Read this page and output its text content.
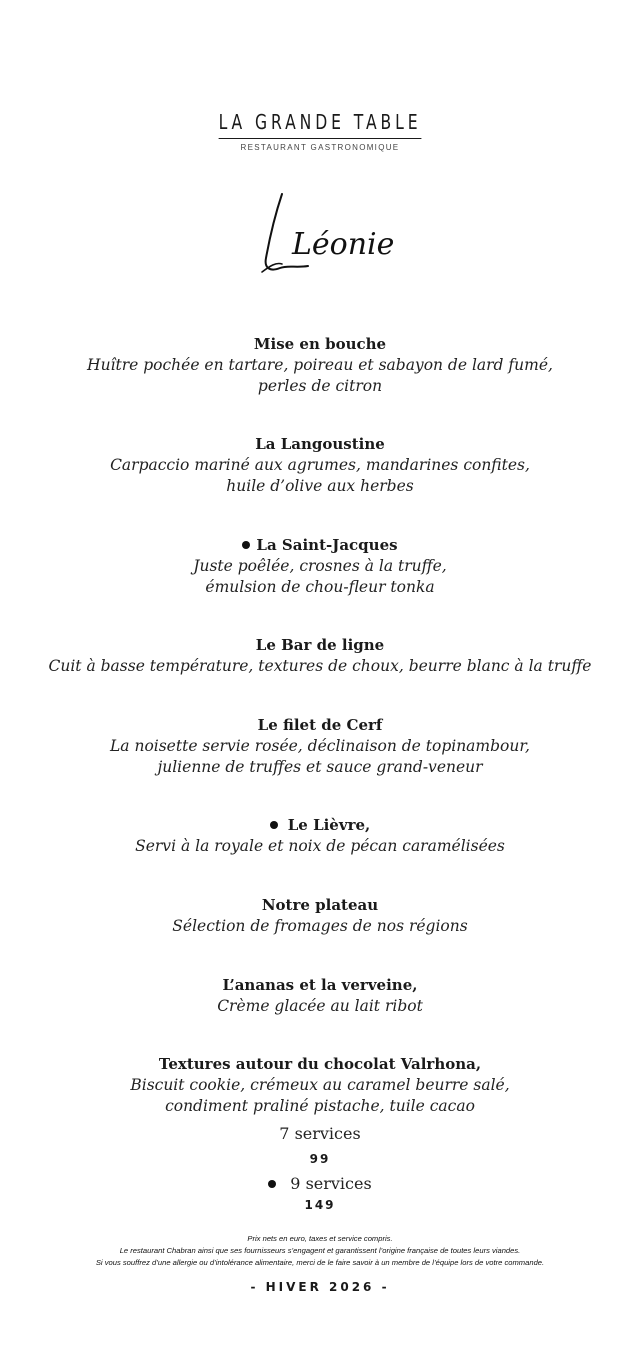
LA GRANDE TABLE
RESTAURANT GASTRONOMIQUE
Léonie
Mise en bouche
Huître pochée en tartare, poireau et sabayon de lard fumé,
perles de citron
La Langoustine
Carpaccio mariné aux agrumes, mandarines confites,
huile d’olive aux herbes
La Saint-Jacques
Juste poêlée, crosnes à la truffe,
émulsion de chou-fleur tonka
Le Bar de ligne
Cuit à basse température, textures de choux, beurre blanc à la truffe
Le filet de Cerf
La noisette servie rosée, déclinaison de topinambour,
julienne de truffes et sauce grand-veneur
Le Lièvre,
Servi à la royale et noix de pécan caramélisées
Notre plateau
Sélection de fromages de nos régions
L’ananas et la verveine,
Crème glacée au lait ribot
Textures autour du chocolat Valrhona,
Biscuit cookie, crémeux au caramel beurre salé,
condiment praliné pistache, tuile cacao
7 services
99
9 services
149
Prix nets en euro, taxes et service compris.
Le restaurant Chabran ainsi que ses fournisseurs s’engagent et garantissent l’origine française de toutes leurs viandes.
Si vous souffrez d’une allergie ou d’intolérance alimentaire, merci de le faire savoir à un membre de l’équipe lors de votre commande.
- HIVER 2026 -
